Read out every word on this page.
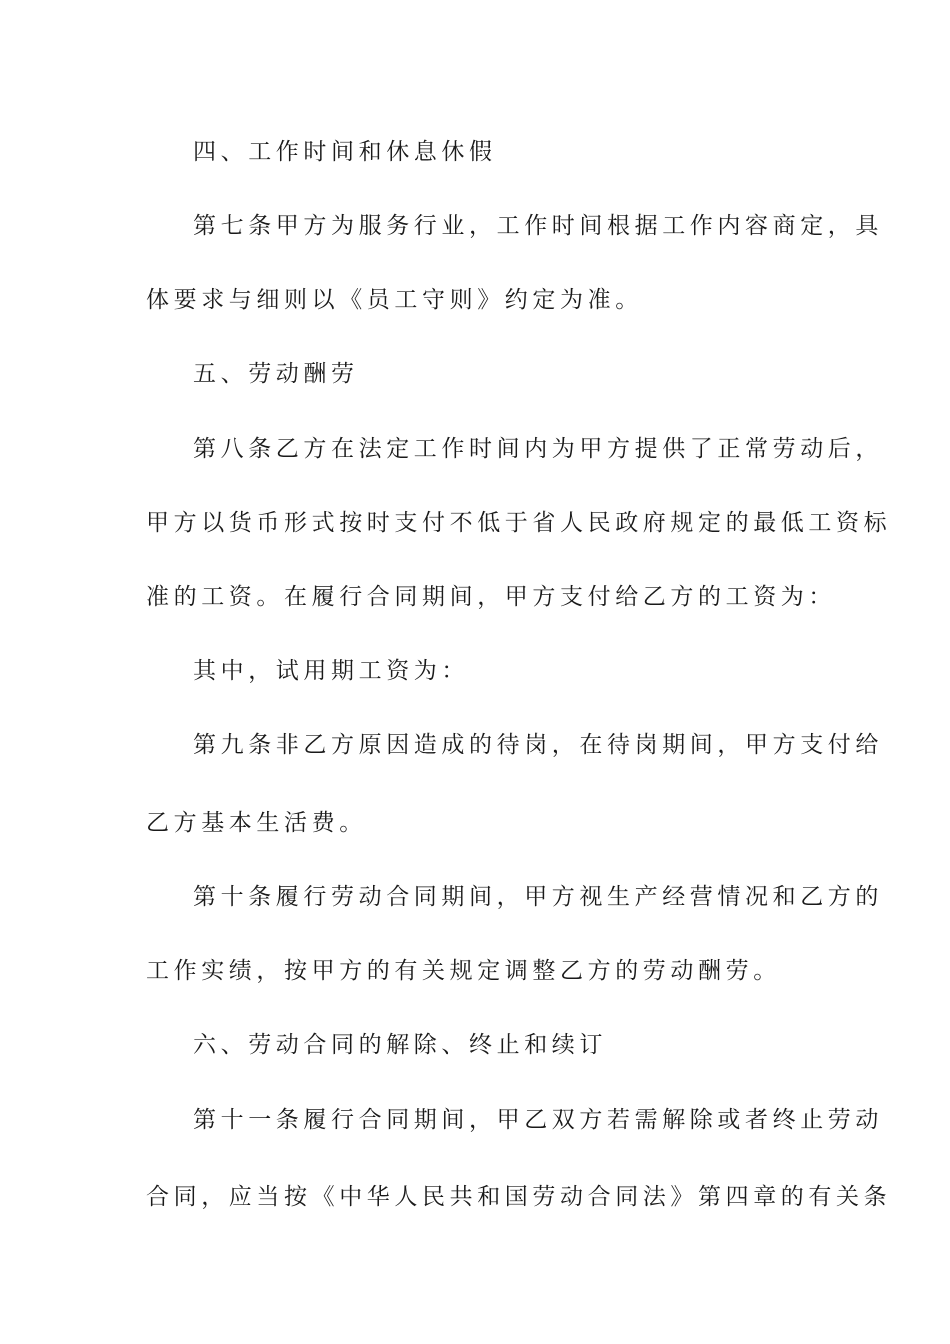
四、工作时间和休息休假
第七条甲方为服务行业，工作时间根据工作内容商定，具
体要求与细则以《员工守则》约定为准。
五、劳动酬劳
第八条乙方在法定工作时间内为甲方提供了正常劳动后，
甲方以货币形式按时支付不低于省人民政府规定的最低工资标
准的工资。在履行合同期间，甲方支付给乙方的工资为：
其中，试用期工资为：
第九条非乙方原因造成的待岗，在待岗期间，甲方支付给
乙方基本生活费。
第十条履行劳动合同期间，甲方视生产经营情况和乙方的
工作实绩，按甲方的有关规定调整乙方的劳动酬劳。
六、劳动合同的解除、终止和续订
第十一条履行合同期间，甲乙双方若需解除或者终止劳动
合同，应当按《中华人民共和国劳动合同法》第四章的有关条
